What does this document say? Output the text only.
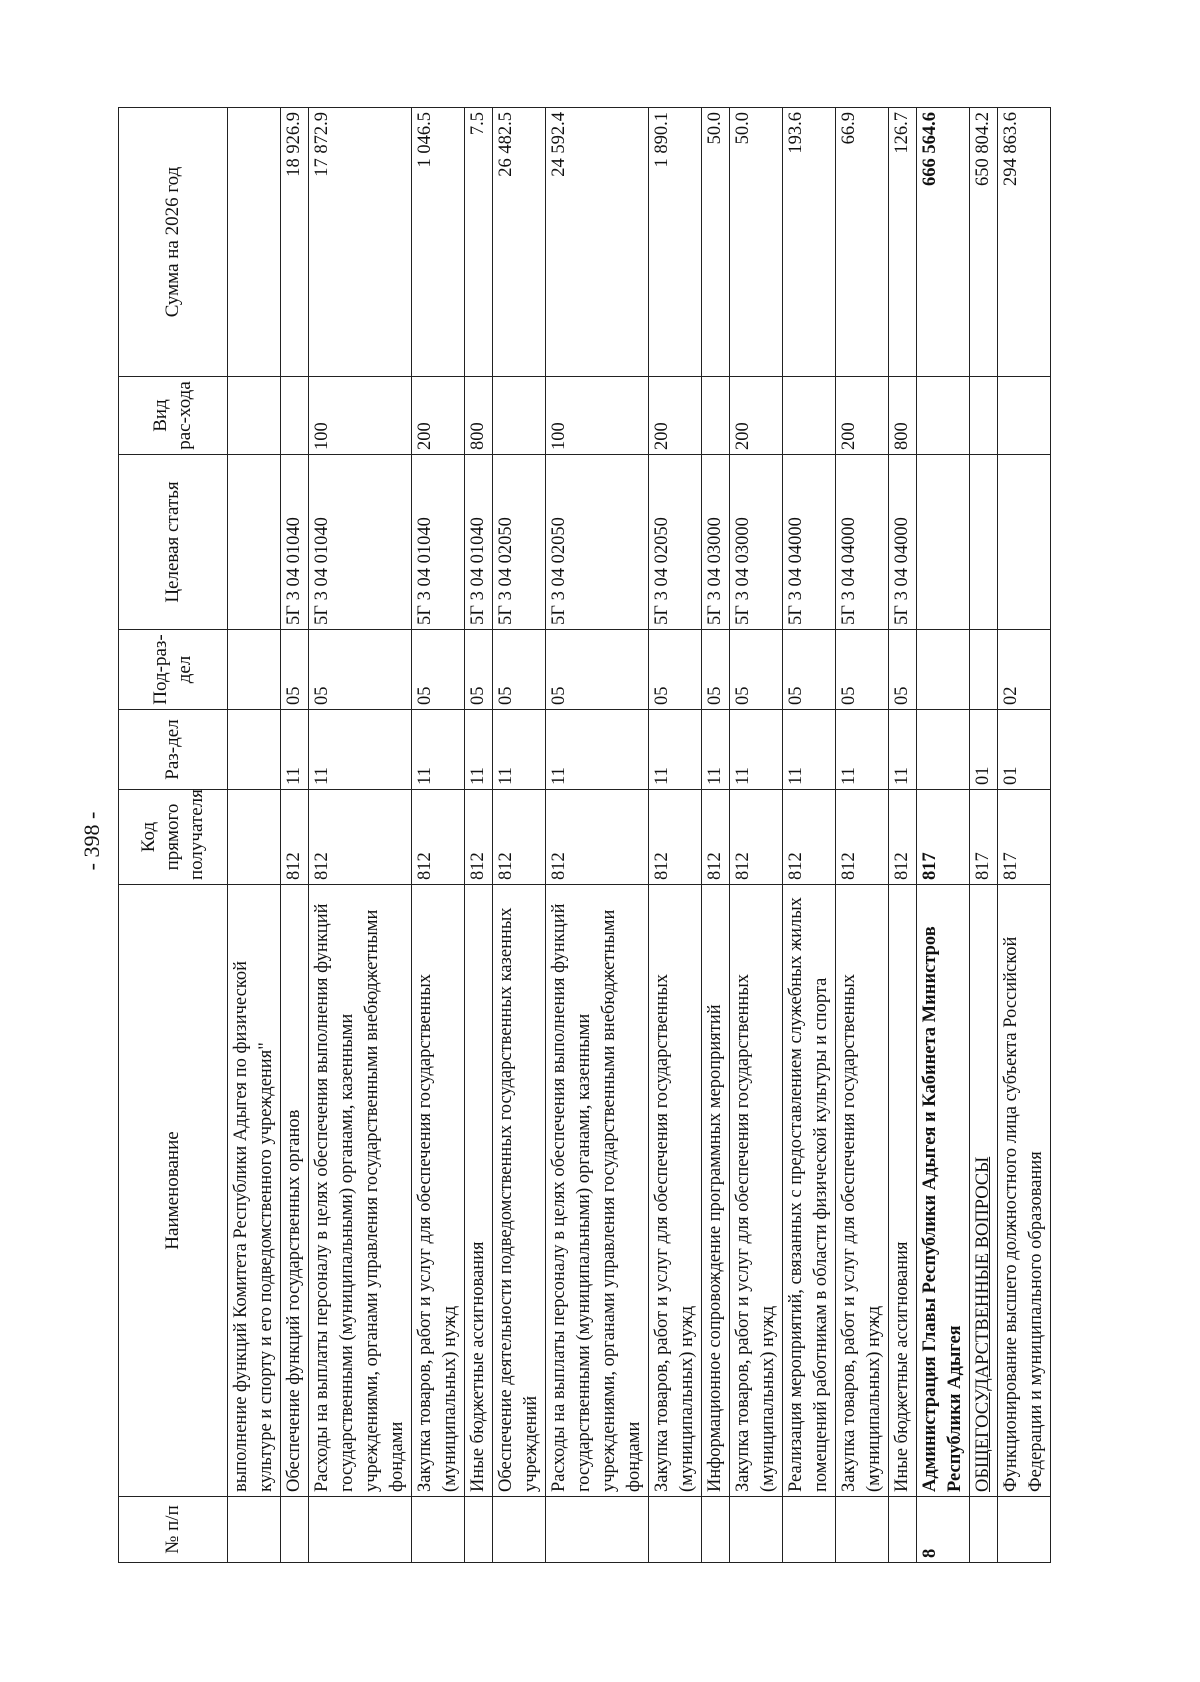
- 398 -
№ п/п	Наименование	Код прямого получателя	Раз-дел	Под-раз-дел	Целевая статья	Вид рас-хода	Сумма на 2026 год
	выполнение функций Комитета Республики Адыгея по физической культуре и спорту и его подведомственного учреждения"						
	Обеспечение функций государственных органов	812	11	05	5Г 3 04 01040		18 926.9
	Расходы на выплаты персоналу в целях обеспечения выполнения функций государственными (муниципальными) органами, казенными учреждениями, органами управления государственными внебюджетными фондами	812	11	05	5Г 3 04 01040	100	17 872.9
	Закупка товаров, работ и услуг для обеспечения государственных (муниципальных) нужд	812	11	05	5Г 3 04 01040	200	1 046.5
	Иные бюджетные ассигнования	812	11	05	5Г 3 04 01040	800	7.5
	Обеспечение деятельности подведомственных государственных казенных учреждений	812	11	05	5Г 3 04 02050		26 482.5
	Расходы на выплаты персоналу в целях обеспечения выполнения функций государственными (муниципальными) органами, казенными учреждениями, органами управления государственными внебюджетными фондами	812	11	05	5Г 3 04 02050	100	24 592.4
	Закупка товаров, работ и услуг для обеспечения государственных (муниципальных) нужд	812	11	05	5Г 3 04 02050	200	1 890.1
	Информационное сопровождение программных мероприятий	812	11	05	5Г 3 04 03000		50.0
	Закупка товаров, работ и услуг для обеспечения государственных (муниципальных) нужд	812	11	05	5Г 3 04 03000	200	50.0
	Реализация мероприятий, связанных с предоставлением служебных жилых помещений работникам в области физической культуры и спорта	812	11	05	5Г 3 04 04000		193.6
	Закупка товаров, работ и услуг для обеспечения государственных (муниципальных) нужд	812	11	05	5Г 3 04 04000	200	66.9
	Иные бюджетные ассигнования	812	11	05	5Г 3 04 04000	800	126.7
8	Администрация Главы Республики Адыгея и Кабинета Министров Республики Адыгея	817					666 564.6
	ОБЩЕГОСУДАРСТВЕННЫЕ ВОПРОСЫ	817	01				650 804.2
	Функционирование высшего должностного лица субъекта Российской Федерации и муниципального образования	817	01	02			294 863.6
